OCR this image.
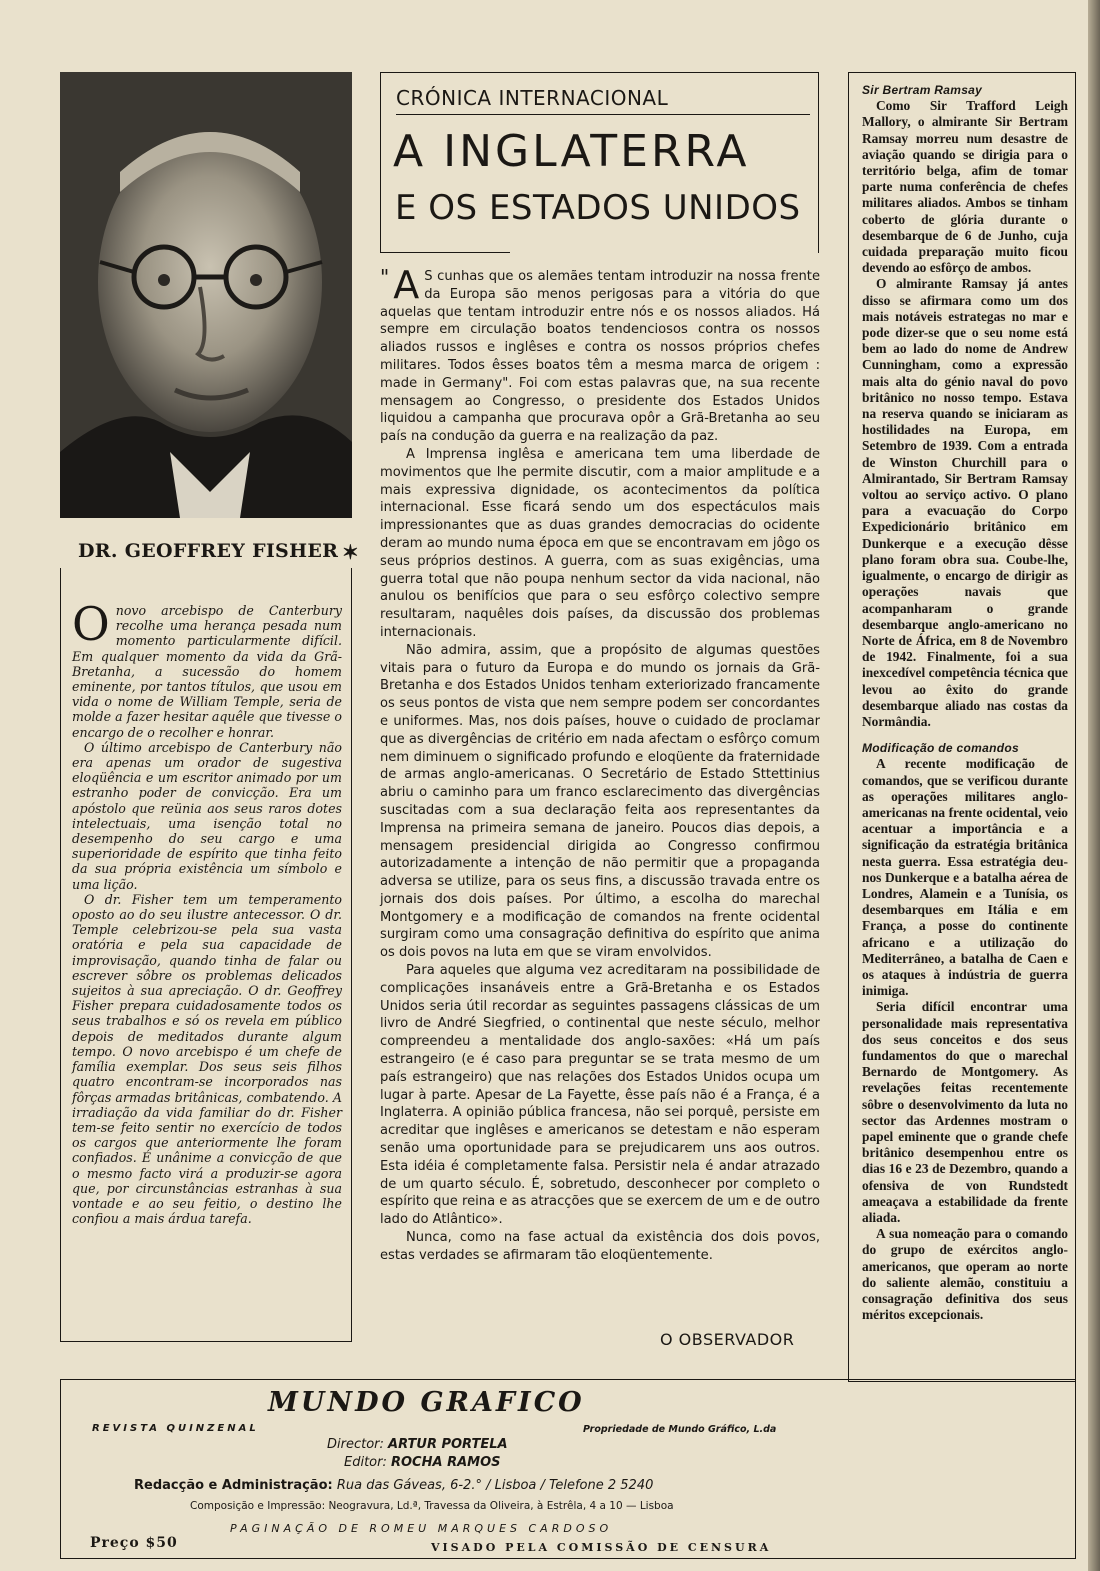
DR. GEOFFREY FISHER ✶

Onovo arcebispo de Canterbury recolhe uma herança pesada num momento particularmente difícil. Em qualquer momento da vida da Grã-Bretanha, a sucessão do homem eminente, por tantos títulos, que usou em vida o nome de William Temple, seria de molde a fazer hesitar aquêle que tivesse o encargo de o recolher e honrar.

O último arcebispo de Canterbury não era apenas um orador de sugestiva eloqüência e um escritor animado por um estranho poder de convicção. Era um apóstolo que reünia aos seus raros dotes intelectuais, uma isenção total no desempenho do seu cargo e uma superioridade de espírito que tinha feito da sua própria existência um símbolo e uma lição.

O dr. Fisher tem um temperamento oposto ao do seu ilustre antecessor. O dr. Temple celebrizou-se pela sua vasta oratória e pela sua capacidade de improvisação, quando tinha de falar ou escrever sôbre os problemas delicados sujeitos à sua apreciação. O dr. Geoffrey Fisher prepara cuidadosamente todos os seus trabalhos e só os revela em público depois de meditados durante algum tempo. O novo arcebispo é um chefe de família exemplar. Dos seus seis filhos quatro encontram-se incorporados nas fôrças armadas britânicas, combatendo. A irradiação da vida familiar do dr. Fisher tem-se feito sentir no exercício de todos os cargos que anteriormente lhe foram confiados. É unânime a convicção de que o mesmo facto virá a produzir-se agora que, por circunstâncias estranhas à sua vontade e ao seu feitio, o destino lhe confiou a mais árdua tarefa.

CRÓNICA INTERNACIONAL
A INGLATERRA
E OS ESTADOS UNIDOS

" A S cunhas que os alemães tentam introduzir na nossa frente da Europa são menos perigosas para a vitória do que aquelas que tentam introduzir entre nós e os nossos aliados. Há sempre em circulação boatos tendenciosos contra os nossos aliados russos e inglêses e contra os nossos próprios chefes militares. Todos êsses boatos têm a mesma marca de origem : made in Germany". Foi com estas palavras que, na sua recente mensagem ao Congresso, o presidente dos Estados Unidos liquidou a campanha que procurava opôr a Grã-Bretanha ao seu país na condução da guerra e na realização da paz.

A Imprensa inglêsa e americana tem uma liberdade de movimentos que lhe permite discutir, com a maior amplitude e a mais expressiva dignidade, os acontecimentos da política internacional. Esse ficará sendo um dos espectáculos mais impressionantes que as duas grandes democracias do ocidente deram ao mundo numa época em que se encontravam em jôgo os seus próprios destinos. A guerra, com as suas exigências, uma guerra total que não poupa nenhum sector da vida nacional, não anulou os benifícios que para o seu esfôrço colectivo sempre resultaram, naquêles dois países, da discussão dos problemas internacionais.

Não admira, assim, que a propósito de algumas questões vitais para o futuro da Europa e do mundo os jornais da Grã-Bretanha e dos Estados Unidos tenham exteriorizado francamente os seus pontos de vista que nem sempre podem ser concordantes e uniformes. Mas, nos dois países, houve o cuidado de proclamar que as divergências de critério em nada afectam o esfôrço comum nem diminuem o significado profundo e eloqüente da fraternidade de armas anglo-americanas. O Secretário de Estado Sttettinius abriu o caminho para um franco esclarecimento das divergências suscitadas com a sua declaração feita aos representantes da Imprensa na primeira semana de janeiro. Poucos dias depois, a mensagem presidencial dirigida ao Congresso confirmou autorizadamente a intenção de não permitir que a propaganda adversa se utilize, para os seus fins, a discussão travada entre os jornais dos dois países. Por último, a escolha do marechal Montgomery e a modificação de comandos na frente ocidental surgiram como uma consagração definitiva do espírito que anima os dois povos na luta em que se viram envolvidos.

Para aqueles que alguma vez acreditaram na possibilidade de complicações insanáveis entre a Grã-Bretanha e os Estados Unidos seria útil recordar as seguintes passagens clássicas de um livro de André Siegfried, o continental que neste século, melhor compreendeu a mentalidade dos anglo-saxões: «Há um país estrangeiro (e é caso para preguntar se se trata mesmo de um país estrangeiro) que nas relações dos Estados Unidos ocupa um lugar à parte. Apesar de La Fayette, êsse país não é a França, é a Inglaterra. A opinião pública francesa, não sei porquê, persiste em acreditar que inglêses e americanos se detestam e não esperam senão uma oportunidade para se prejudicarem uns aos outros. Esta idéia é completamente falsa. Persistir nela é andar atrazado de um quarto século. É, sobretudo, desconhecer por completo o espírito que reina e as atracções que se exercem de um e de outro lado do Atlântico».

Nunca, como na fase actual da existência dos dois povos, estas verdades se afirmaram tão eloqüentemente.

O OBSERVADOR
Sir Bertram Ramsay

Como Sir Trafford Leigh Mallory, o almirante Sir Bertram Ramsay morreu num desastre de aviação quando se dirigia para o território belga, afim de tomar parte numa conferência de chefes militares aliados. Ambos se tinham coberto de glória durante o desembarque de 6 de Junho, cuja cuidada preparação muito ficou devendo ao esfôrço de ambos.

O almirante Ramsay já antes disso se afirmara como um dos mais notáveis estrategas no mar e pode dizer-se que o seu nome está bem ao lado do nome de Andrew Cunningham, como a expressão mais alta do génio naval do povo britânico no nosso tempo. Estava na reserva quando se iniciaram as hostilidades na Europa, em Setembro de 1939. Com a entrada de Winston Churchill para o Almirantado, Sir Bertram Ramsay voltou ao serviço activo. O plano para a evacuação do Corpo Expedicionário britânico em Dunkerque e a execução dêsse plano foram obra sua. Coube-lhe, igualmente, o encargo de dirigir as operações navais que acompanharam o grande desembarque anglo-americano no Norte de África, em 8 de Novembro de 1942. Finalmente, foi a sua inexcedível competência técnica que levou ao êxito do grande desembarque aliado nas costas da Normândia.

Modificação de comandos

A recente modificação de comandos, que se verificou durante as operações militares anglo-americanas na frente ocidental, veio acentuar a importância e a significação da estratégia britânica nesta guerra. Essa estratégia deu-nos Dunkerque e a batalha aérea de Londres, Alamein e a Tunísia, os desembarques em Itália e em França, a posse do continente africano e a utilização do Mediterrâneo, a batalha de Caen e os ataques à indústria de guerra inimiga.

Seria difícil encontrar uma personalidade mais representativa dos seus conceitos e dos seus fundamentos do que o marechal Bernardo de Montgomery. As revelações feitas recentemente sôbre o desenvolvimento da luta no sector das Ardennes mostram o papel eminente que o grande chefe britânico desempenhou entre os dias 16 e 23 de Dezembro, quando a ofensiva de von Rundstedt ameaçava a estabilidade da frente aliada.

A sua nomeação para o comando do grupo de exércitos anglo-americanos, que operam ao norte do saliente alemão, constituiu a consagração definitiva dos seus méritos excepcionais.

MUNDO GRAFICO
REVISTA QUINZENAL	Propriedade de Mundo Gráfico, L.da
Director: ARTUR PORTELA
Editor: ROCHA RAMOS
Redacção e Administração: Rua das Gáveas, 6-2.° / Lisboa / Telefone 2 5240
Composição e Impressão: Neogravura, Ld.ª, Travessa da Oliveira, à Estrêla, 4 a 10 — Lisboa
PAGINAÇÃO DE ROMEU MARQUES CARDOSO
Preço $50	VISADO PELA COMISSÃO DE CENSURA
